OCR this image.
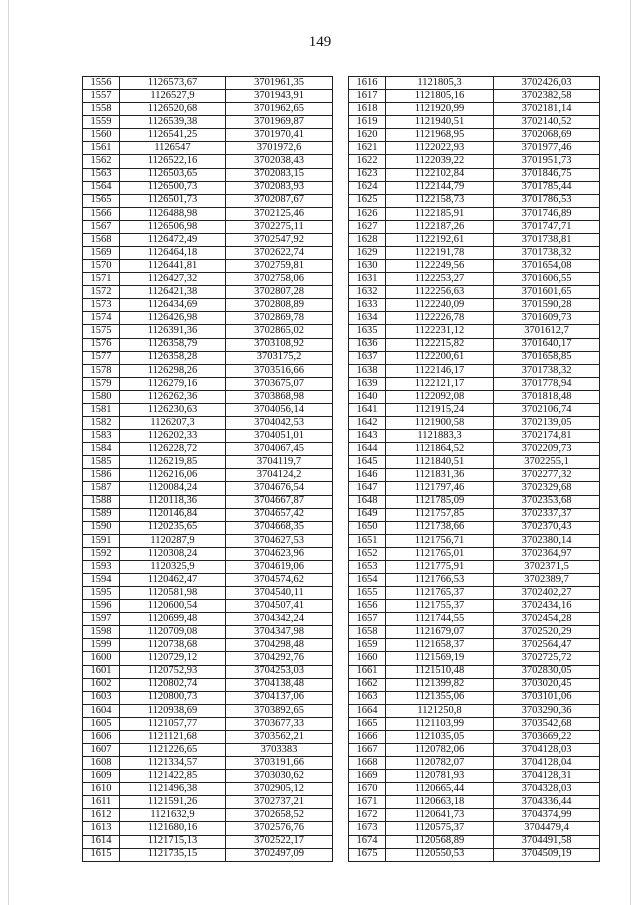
149
1556	1126573,67	3701961,35
1557	1126527,9	3701943,91
1558	1126520,68	3701962,65
1559	1126539,38	3701969,87
1560	1126541,25	3701970,41
1561	1126547	3701972,6
1562	1126522,16	3702038,43
1563	1126503,65	3702083,15
1564	1126500,73	3702083,93
1565	1126501,73	3702087,67
1566	1126488,98	3702125,46
1567	1126506,98	3702275,11
1568	1126472,49	3702547,92
1569	1126464,18	3702622,74
1570	1126441,81	3702759,81
1571	1126427,32	3702758,06
1572	1126421,38	3702807,28
1573	1126434,69	3702808,89
1574	1126426,98	3702869,78
1575	1126391,36	3702865,02
1576	1126358,79	3703108,92
1577	1126358,28	3703175,2
1578	1126298,26	3703516,66
1579	1126279,16	3703675,07
1580	1126262,36	3703868,98
1581	1126230,63	3704056,14
1582	1126207,3	3704042,53
1583	1126202,33	3704051,01
1584	1126228,72	3704067,45
1585	1126219,85	3704119,7
1586	1126216,06	3704124,2
1587	1120084,24	3704676,54
1588	1120118,36	3704667,87
1589	1120146,84	3704657,42
1590	1120235,65	3704668,35
1591	1120287,9	3704627,53
1592	1120308,24	3704623,96
1593	1120325,9	3704619,06
1594	1120462,47	3704574,62
1595	1120581,98	3704540,11
1596	1120600,54	3704507,41
1597	1120699,48	3704342,24
1598	1120709,08	3704347,98
1599	1120738,68	3704298,48
1600	1120729,12	3704292,76
1601	1120752,93	3704253,03
1602	1120802,74	3704138,48
1603	1120800,73	3704137,06
1604	1120938,69	3703892,65
1605	1121057,77	3703677,33
1606	1121121,68	3703562,21
1607	1121226,65	3703383
1608	1121334,57	3703191,66
1609	1121422,85	3703030,62
1610	1121496,38	3702905,12
1611	1121591,26	3702737,21
1612	1121632,9	3702658,52
1613	1121680,16	3702576,76
1614	1121715,13	3702522,17
1615	1121735,15	3702497,09
1616	1121805,3	3702426,03
1617	1121805,16	3702382,58
1618	1121920,99	3702181,14
1619	1121940,51	3702140,52
1620	1121968,95	3702068,69
1621	1122022,93	3701977,46
1622	1122039,22	3701951,73
1623	1122102,84	3701846,75
1624	1122144,79	3701785,44
1625	1122158,73	3701786,53
1626	1122185,91	3701746,89
1627	1122187,26	3701747,71
1628	1122192,61	3701738,81
1629	1122191,78	3701738,32
1630	1122249,56	3701654,08
1631	1122253,27	3701606,55
1632	1122256,63	3701601,65
1633	1122240,09	3701590,28
1634	1122226,78	3701609,73
1635	1122231,12	3701612,7
1636	1122215,82	3701640,17
1637	1122200,61	3701658,85
1638	1122146,17	3701738,32
1639	1122121,17	3701778,94
1640	1122092,08	3701818,48
1641	1121915,24	3702106,74
1642	1121900,58	3702139,05
1643	1121883,3	3702174,81
1644	1121864,52	3702209,73
1645	1121840,51	3702255,1
1646	1121831,36	3702277,32
1647	1121797,46	3702329,68
1648	1121785,09	3702353,68
1649	1121757,85	3702337,37
1650	1121738,66	3702370,43
1651	1121756,71	3702380,14
1652	1121765,01	3702364,97
1653	1121775,91	3702371,5
1654	1121766,53	3702389,7
1655	1121765,37	3702402,27
1656	1121755,37	3702434,16
1657	1121744,55	3702454,28
1658	1121679,07	3702520,29
1659	1121658,37	3702564,47
1660	1121569,19	3702725,72
1661	1121510,48	3702830,05
1662	1121399,82	3703020,45
1663	1121355,06	3703101,06
1664	1121250,8	3703290,36
1665	1121103,99	3703542,68
1666	1121035,05	3703669,22
1667	1120782,06	3704128,03
1668	1120782,07	3704128,04
1669	1120781,93	3704128,31
1670	1120665,44	3704328,03
1671	1120663,18	3704336,44
1672	1120641,73	3704374,99
1673	1120575,37	3704479,4
1674	1120568,89	3704491,58
1675	1120550,53	3704509,19
